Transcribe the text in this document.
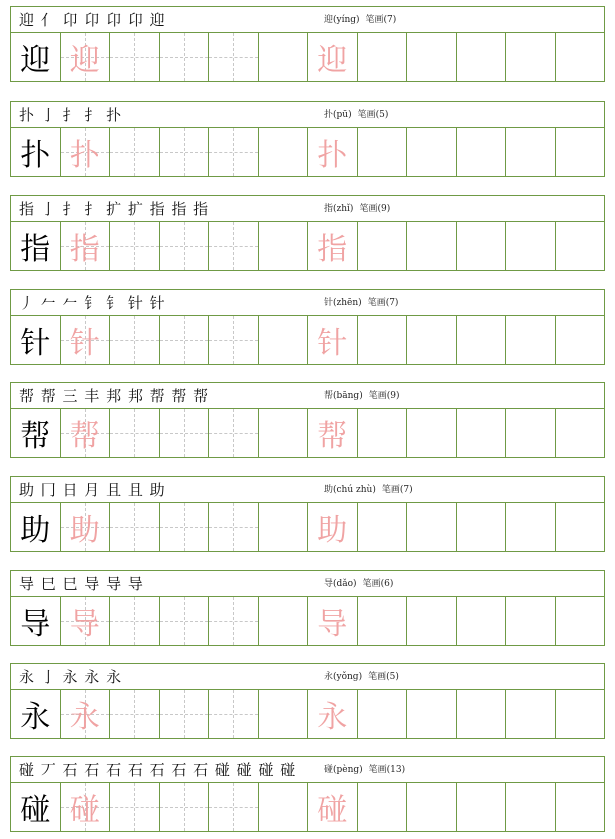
迎 亻 卬 卬 卬 卬 迎	迎(yíng) 笔画(7)
迎 迎	迎
扑 亅 扌 扌 扑	扑(pū) 笔画(5)
扑 扑	扑
指 亅 扌 扌 扩 扩 指 指 指	指(zhǐ) 笔画(9)
指 指	指
丿 𠂉 𠂉 钅 钅 针 针	针(zhēn) 笔画(7)
针 针	针
帮 帮 三 丰 邦 邦 帮 帮 帮	帮(bāng) 笔画(9)
帮 帮	帮
助 冂 日 月 且 且 助	助(chú zhù) 笔画(7)
助 助	助
导 巳 巳 导 导 导	导(dǎo) 笔画(6)
导 导	导
永 亅 永 永 永	永(yǒng) 笔画(5)
永 永	永
碰 丆 石 石 石 石 石 石 石 碰 碰 碰 碰	碰(pèng) 笔画(13)
碰 碰	碰
